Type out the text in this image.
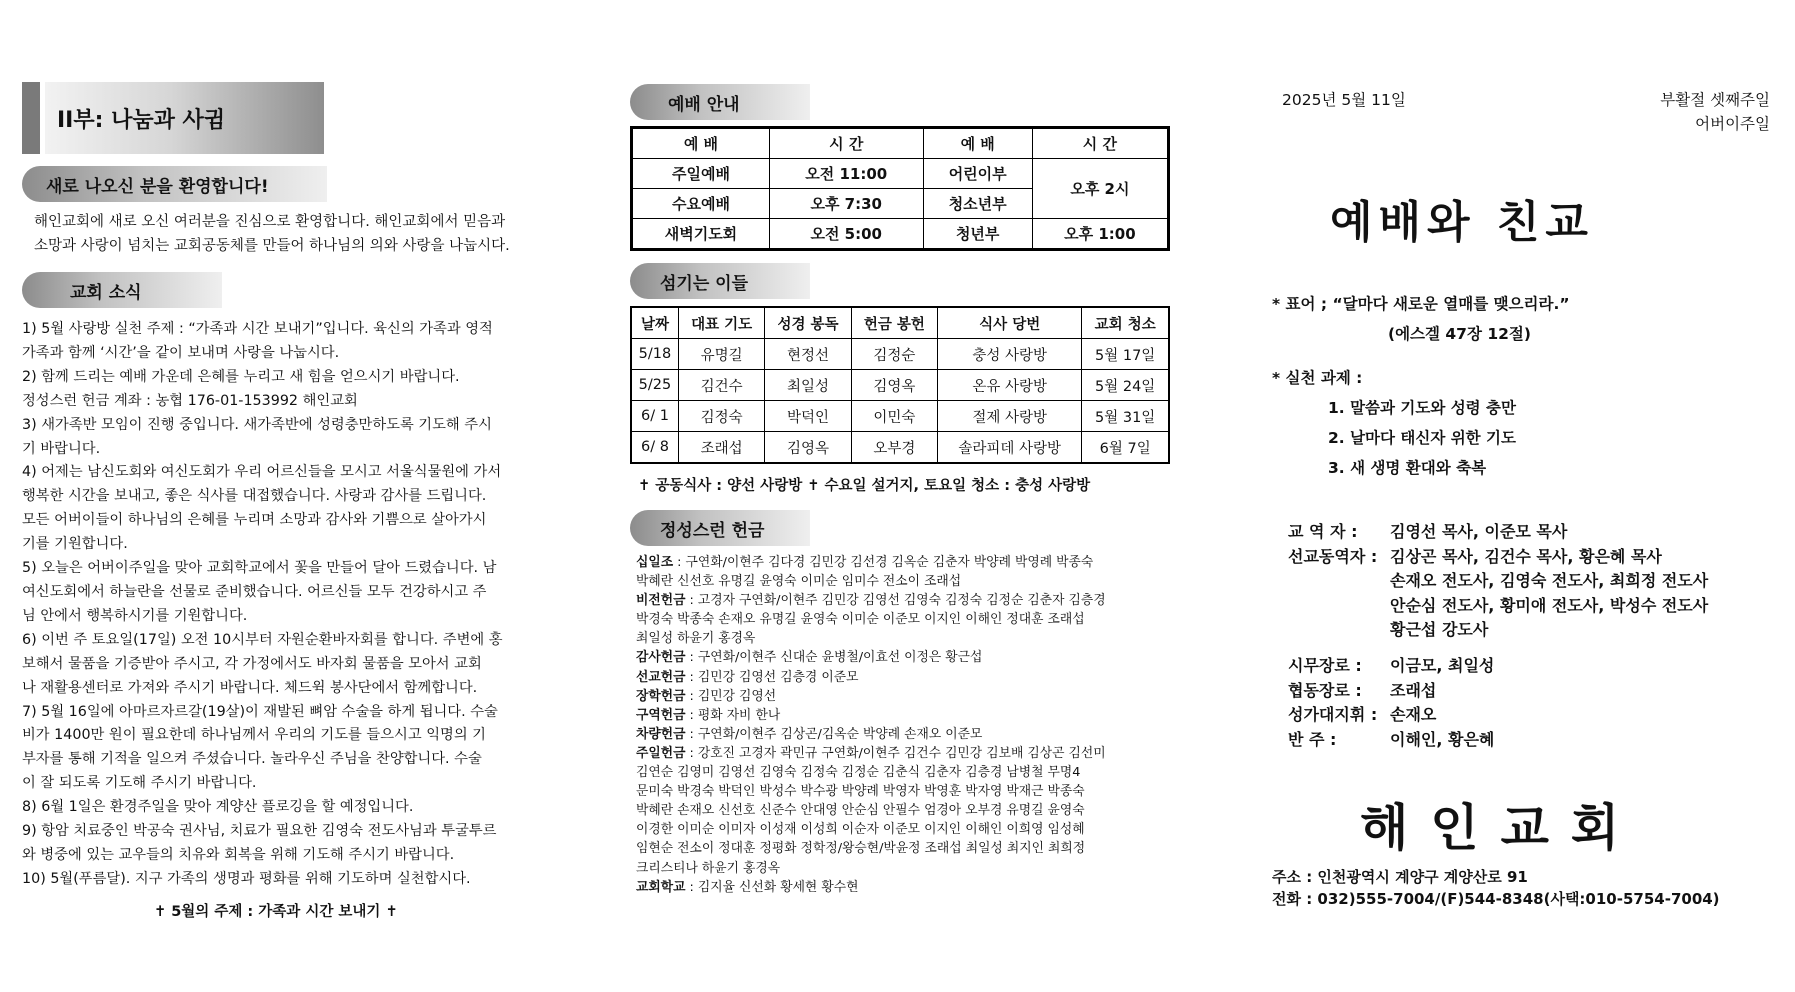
II부: 나눔과 사귐
새로 나오신 분을 환영합니다!
해인교회에 새로 오신 여러분을 진심으로 환영합니다. 해인교회에서 믿음과
소망과 사랑이 넘치는 교회공동체를 만들어 하나님의 의와 사랑을 나눕시다.
교회 소식
1) 5월 사랑방 실천 주제 : “가족과 시간 보내기”입니다. 육신의 가족과 영적
가족과 함께 ‘시간’을 같이 보내며 사랑을 나눕시다.
2) 함께 드리는 예배 가운데 은혜를 누리고 새 힘을 얻으시기 바랍니다.
정성스런 헌금 계좌 : 농협 176-01-153992 해인교회
3) 새가족반 모임이 진행 중입니다. 새가족반에 성령충만하도록 기도해 주시
기 바랍니다.
4) 어제는 남신도회와 여신도회가 우리 어르신들을 모시고 서울식물원에 가서
행복한 시간을 보내고, 좋은 식사를 대접했습니다. 사랑과 감사를 드립니다.
모든 어버이들이 하나님의 은혜를 누리며 소망과 감사와 기쁨으로 살아가시
기를 기원합니다.
5) 오늘은 어버이주일을 맞아 교회학교에서 꽃을 만들어 달아 드렸습니다. 남
여신도회에서 하늘란을 선물로 준비했습니다. 어르신들 모두 건강하시고 주
님 안에서 행복하시기를 기원합니다.
6) 이번 주 토요일(17일) 오전 10시부터 자원순환바자회를 합니다. 주변에 홍
보해서 물품을 기증받아 주시고, 각 가정에서도 바자회 물품을 모아서 교회
나 재활용센터로 가져와 주시기 바랍니다. 체드윅 봉사단에서 함께합니다.
7) 5월 16일에 아마르자르갈(19살)이 재발된 뼈암 수술을 하게 됩니다. 수술
비가 1400만 원이 필요한데 하나님께서 우리의 기도를 들으시고 익명의 기
부자를 통해 기적을 일으켜 주셨습니다. 놀라우신 주님을 찬양합니다. 수술
이 잘 되도록 기도해 주시기 바랍니다.
8) 6월 1일은 환경주일을 맞아 계양산 플로깅을 할 예정입니다.
9) 항암 치료중인 박공숙 권사님, 치료가 필요한 김영숙 전도사님과 투굴투르
와 병중에 있는 교우들의 치유와 회복을 위해 기도해 주시기 바랍니다.
10) 5월(푸름달). 지구 가족의 생명과 평화를 위해 기도하며 실천합시다.
✝ 5월의 주제 : 가족과 시간 보내기 ✝
예배 안내
예 배	시 간	예 배	시 간
주일예배	오전 11:00	어린이부	오후 2시
수요예배	오후 7:30	청소년부	
새벽기도회	오전 5:00	청년부	오후 1:00
섬기는 이들
날짜	대표 기도	성경 봉독	헌금 봉헌	식사 당번	교회 청소
5/18	유명길	현정선	김정순	충성 사랑방	5월 17일
5/25	김건수	최일성	김영옥	온유 사랑방	5월 24일
6/ 1	김정숙	박덕인	이민숙	절제 사랑방	5월 31일
6/ 8	조래섭	김영옥	오부경	솔라피데 사랑방	6월 7일
✝ 공동식사 : 양선 사랑방 ✝ 수요일 설거지, 토요일 청소 : 충성 사랑방
정성스런 헌금
십일조 : 구연화/이현주 김다경 김민강 김선경 김옥순 김춘자 박양례 박영례 박종숙
박혜란 신선호 유명길 윤영숙 이미순 임미수 전소이 조래섭
비전헌금 : 고경자 구연화/이현주 김민강 김영선 김영숙 김정숙 김정순 김춘자 김층경
박경숙 박종숙 손재오 유명길 윤영숙 이미순 이준모 이지인 이해인 정대훈 조래섭
최일성 하윤기 홍경옥
감사헌금 : 구연화/이현주 신대순 윤병철/이효선 이정은 황근섭
선교헌금 : 김민강 김영선 김층경 이준모
장학헌금 : 김민강 김영선
구역헌금 : 평화 자비 한나
차량헌금 : 구연화/이현주 김상곤/김옥순 박양례 손재오 이준모
주일헌금 : 강호진 고경자 곽민규 구연화/이현주 김건수 김민강 김보배 김상곤 김선미
김연순 김영미 김영선 김영숙 김정숙 김정순 김춘식 김춘자 김층경 남병철 무명4
문미숙 박경숙 박덕인 박성수 박수광 박양례 박영자 박영훈 박자영 박재근 박종숙
박혜란 손재오 신선호 신준수 안대영 안순심 안필수 엄경아 오부경 유명길 윤영숙
이경한 이미순 이미자 이성재 이성희 이순자 이준모 이지인 이해인 이희영 임성혜
임현순 전소이 정대훈 정평화 정학정/왕승현/박윤정 조래섭 최일성 최지인 최희정
크리스티나 하윤기 홍경옥
교회학교 : 김지율 신선화 황세현 황수현
2025년 5월 11일	부활절 셋째주일
어버이주일
예배와 친교
* 표어 ; “달마다 새로운 열매를 맺으리라.”
(에스겔 47장 12절)
* 실천 과제 :
1. 말씀과 기도와 성령 충만
2. 날마다 태신자 위한 기도
3. 새 생명 환대와 축복
교 역 자 : 김영선 목사, 이준모 목사
선교동역자 : 김상곤 목사, 김건수 목사, 황은혜 목사
손재오 전도사, 김영숙 전도사, 최희정 전도사
안순심 전도사, 황미애 전도사, 박성수 전도사
황근섭 강도사
시무장로 : 이금모, 최일성
협동장로 : 조래섭
성가대지휘 : 손재오
반 주 :	이해인, 황은혜
해인교회
주소 : 인천광역시 계양구 계양산로 91
전화 : 032)555-7004/(F)544-8348(사택:010-5754-7004)
